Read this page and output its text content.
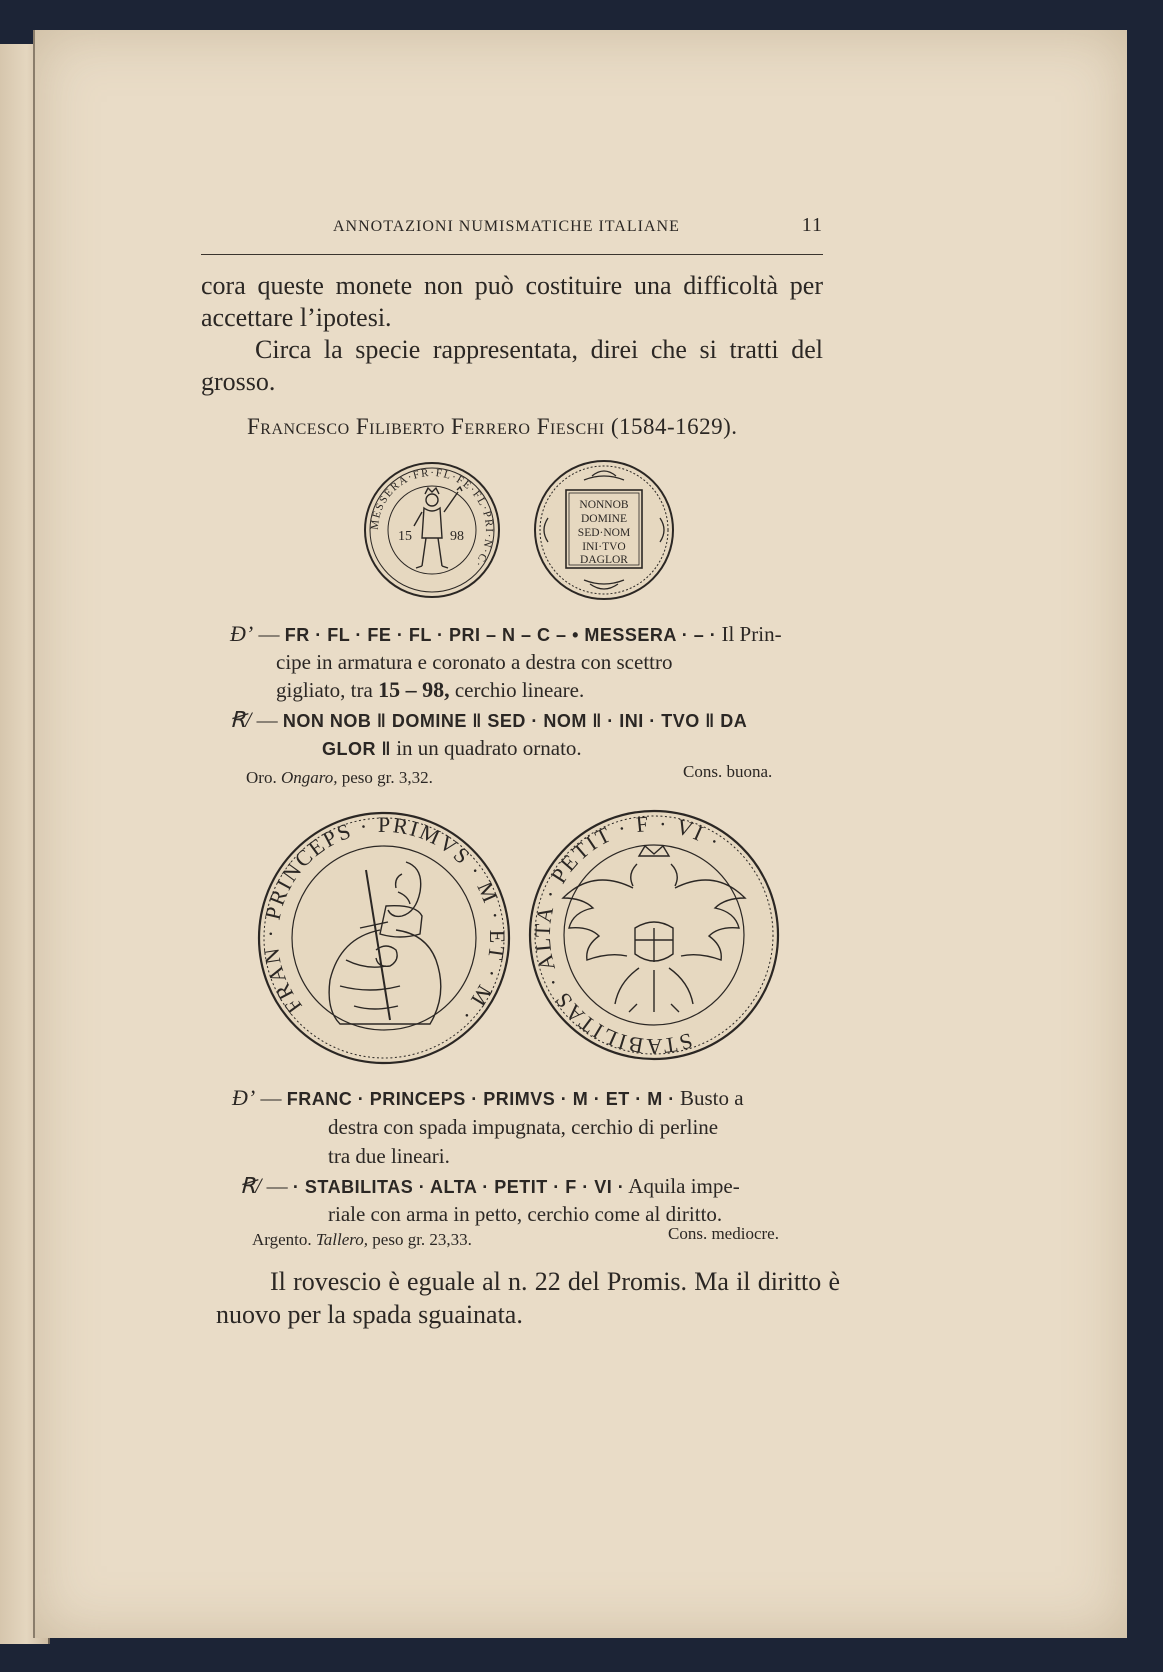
ANNOTAZIONI NUMISMATICHE ITALIANE	11

cora queste monete non può costituire una difficoltà per accettare l’ipotesi.

Circa la specie rappresentata, direi che si tratti del grosso.

Francesco Filiberto Ferrero Fieschi (1584-1629).
MESSERA·FR·FL·FE·FL·PRI·N·C·
15	98
NONNOB
DOMINE
SED·NOM
INI·TVO
DAGLOR
Ɖ’ — FR · FL · FE · FL · PRI – N – C – • MESSERA · – · Il Prin-
cipe in armatura e coronato a destra con scettro
gigliato, tra 15 – 98, cerchio lineare.
Ꞧ/ — NON NOB ‖ DOMINE ‖ SED · NOM ‖ · INI · TVO ‖ DA
GLOR ‖ in un quadrato ornato.
Oro. Ongaro, peso gr. 3,32.	Cons. buona.
FRAN · PRINCEPS · PRIMVS · M · ET · M ·
STABILITAS · ALTA · PETIT · F · VI ·
Ɖ’ — FRANC · PRINCEPS · PRIMVS · M · ET · M · Busto a
destra con spada impugnata, cerchio di perline
tra due lineari.
Ꞧ/ — · STABILITAS · ALTA · PETIT · F · VI · Aquila impe-
riale con arma in petto, cerchio come al diritto.
Argento. Tallero, peso gr. 23,33.	Cons. mediocre.

Il rovescio è eguale al n. 22 del Promis. Ma il diritto è nuovo per la spada sguainata.
